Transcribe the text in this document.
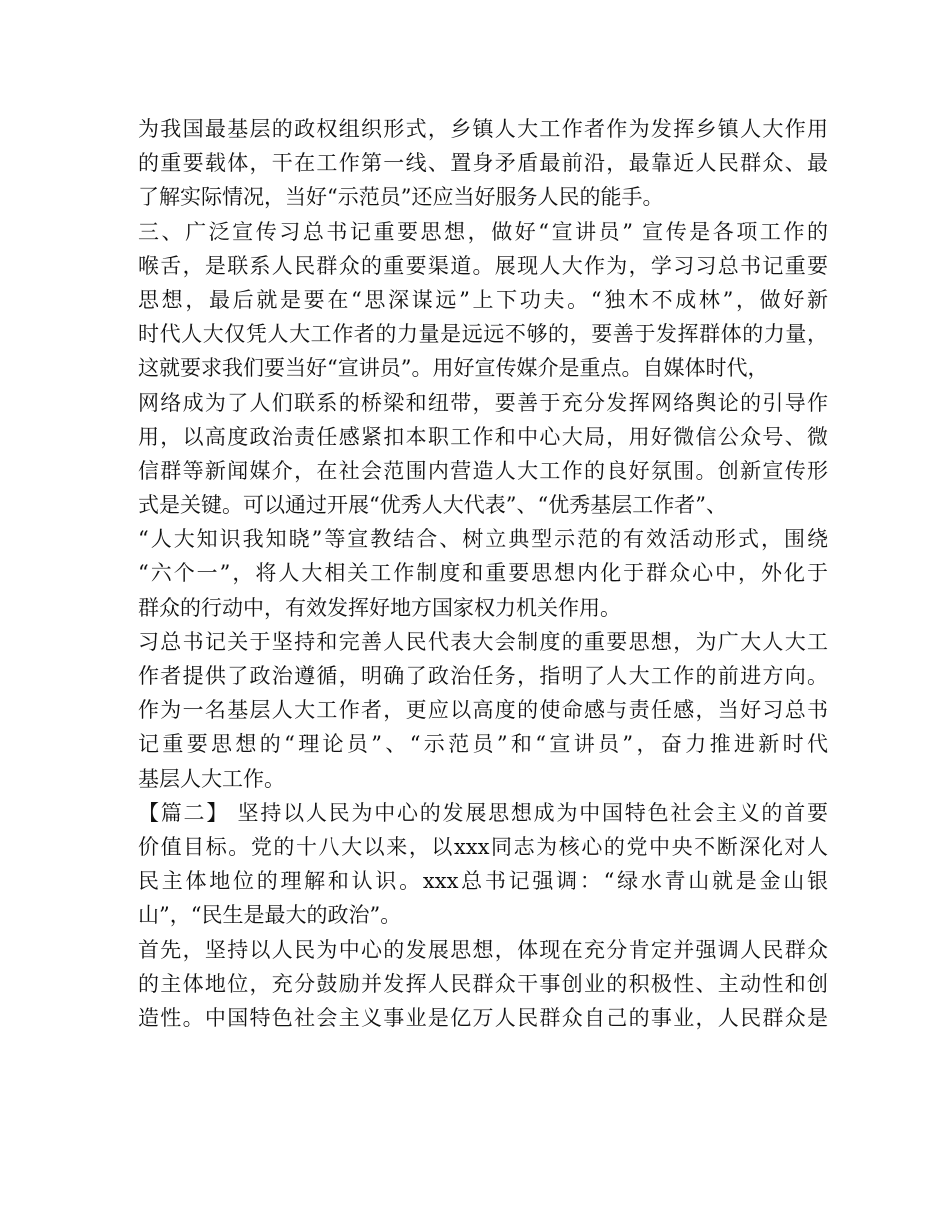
为我国最基层的政权组织形式，乡镇人大工作者作为发挥乡镇人大作用
的重要载体，干在工作第一线、置身矛盾最前沿，最靠近人民群众、最
了解实际情况，当好“示范员”还应当好服务人民的能手。
三、广泛宣传习总书记重要思想，做好“宣讲员” 宣传是各项工作的
喉舌，是联系人民群众的重要渠道。展现人大作为，学习习总书记重要
思想，最后就是要在“思深谋远”上下功夫。“独木不成林”，做好新
时代人大仅凭人大工作者的力量是远远不够的，要善于发挥群体的力量，
这就要求我们要当好“宣讲员”。用好宣传媒介是重点。自媒体时代，
网络成为了人们联系的桥梁和纽带，要善于充分发挥网络舆论的引导作
用，以高度政治责任感紧扣本职工作和中心大局，用好微信公众号、微
信群等新闻媒介，在社会范围内营造人大工作的良好氛围。创新宣传形
式是关键。可以通过开展“优秀人大代表”、“优秀基层工作者”、
“人大知识我知晓”等宣教结合、树立典型示范的有效活动形式，围绕
“六个一”，将人大相关工作制度和重要思想内化于群众心中，外化于
群众的行动中，有效发挥好地方国家权力机关作用。
习总书记关于坚持和完善人民代表大会制度的重要思想，为广大人大工
作者提供了政治遵循，明确了政治任务，指明了人大工作的前进方向。
作为一名基层人大工作者，更应以高度的使命感与责任感，当好习总书
记重要思想的“理论员”、“示范员”和“宣讲员”，奋力推进新时代
基层人大工作。
【篇二】 坚持以人民为中心的发展思想成为中国特色社会主义的首要
价值目标。党的十八大以来，以xxx同志为核心的党中央不断深化对人
民主体地位的理解和认识。xxx总书记强调：“绿水青山就是金山银
山”，“民生是最大的政治”。
首先，坚持以人民为中心的发展思想，体现在充分肯定并强调人民群众
的主体地位，充分鼓励并发挥人民群众干事创业的积极性、主动性和创
造性。中国特色社会主义事业是亿万人民群众自己的事业，人民群众是
